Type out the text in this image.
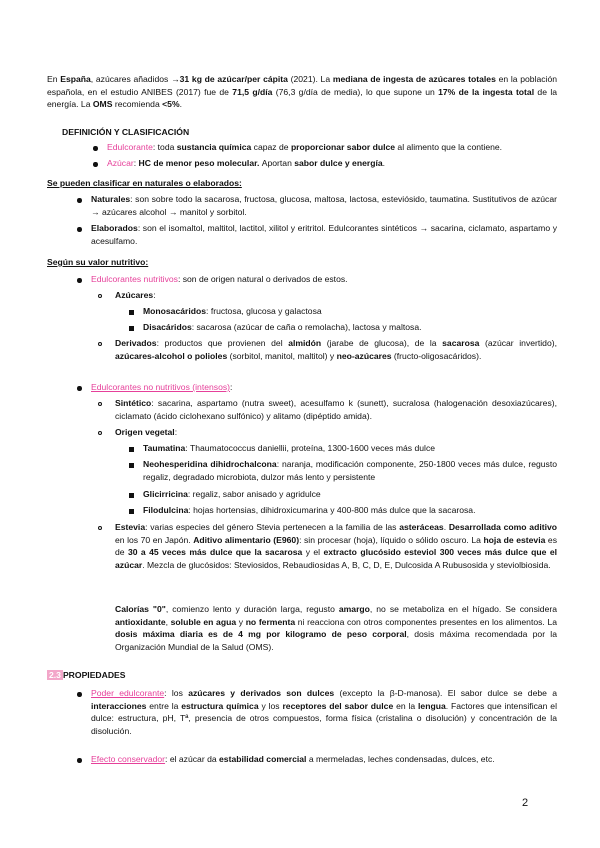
En España, azúcares añadidos →31 kg de azúcar/per cápita (2021). La mediana de ingesta de azúcares totales en la población española, en el estudio ANIBES (2017) fue de 71,5 g/día (76,3 g/día de media), lo que supone un 17% de la ingesta total de la energía. La OMS recomienda <5%.

DEFINICIÓN Y CLASIFICACIÓN

Edulcorante: toda sustancia química capaz de proporcionar sabor dulce al alimento que la contiene.

Azúcar: HC de menor peso molecular. Aportan sabor dulce y energía.

Se pueden clasificar en naturales o elaborados:

Naturales: son sobre todo la sacarosa, fructosa, glucosa, maltosa, lactosa, esteviósido, taumatina. Sustitutivos de azúcar → azúcares alcohol → manitol y sorbitol.

Elaborados: son el isomaltol, maltitol, lactitol, xilitol y eritritol. Edulcorantes sintéticos → sacarina, ciclamato, aspartamo y acesulfamo.

Según su valor nutritivo:

Edulcorantes nutritivos: son de origen natural o derivados de estos.

Azúcares:

Monosacáridos: fructosa, glucosa y galactosa

Disacáridos: sacarosa (azúcar de caña o remolacha), lactosa y maltosa.

Derivados: productos que provienen del almidón (jarabe de glucosa), de la sacarosa (azúcar invertido), azúcares-alcohol o polioles (sorbitol, manitol, maltitol) y neo-azúcares (fructo-oligosacáridos).

Edulcorantes no nutritivos (intensos):

Sintético: sacarina, aspartamo (nutra sweet), acesulfamo k (sunett), sucralosa (halogenación desoxiazúcares), ciclamato (ácido ciclohexano sulfónico) y alitamo (dipéptido amida).

Origen vegetal:

Taumatina: Thaumatococcus daniellii, proteína, 1300-1600 veces más dulce

Neohesperidina dihidrochalcona: naranja, modificación componente, 250-1800 veces más dulce, regusto regaliz, degradado microbiota, dulzor más lento y persistente

Glicirricina: regaliz, sabor anisado y agridulce

Filodulcina: hojas hortensias, dihidroxicumarina y 400-800 más dulce que la sacarosa.

Estevia: varias especies del género Stevia pertenecen a la familia de las asteráceas. Desarrollada como aditivo en los 70 en Japón. Aditivo alimentario (E960): sin procesar (hoja), líquido o sólido oscuro. La hoja de estevia es de 30 a 45 veces más dulce que la sacarosa y el extracto glucósido esteviol 300 veces más dulce que el azúcar. Mezcla de glucósidos: Steviosidos, Rebaudiosidas A, B, C, D, E, Dulcosida A Rubusosida y steviolbiosida.

Calorías "0", comienzo lento y duración larga, regusto amargo, no se metaboliza en el hígado. Se considera antioxidante, soluble en agua y no fermenta ni reacciona con otros componentes presentes en los alimentos. La dosis máxima diaria es de 4 mg por kilogramo de peso corporal, dosis máxima recomendada por la Organización Mundial de la Salud (OMS).

2.3 PROPIEDADES

Poder edulcorante: los azúcares y derivados son dulces (excepto la β-D-manosa). El sabor dulce se debe a interacciones entre la estructura química y los receptores del sabor dulce en la lengua. Factores que intensifican el dulce: estructura, pH, Tª, presencia de otros compuestos, forma física (cristalina o disolución) y concentración de la disolución.

Efecto conservador: el azúcar da estabilidad comercial a mermeladas, leches condensadas, dulces, etc.

2
